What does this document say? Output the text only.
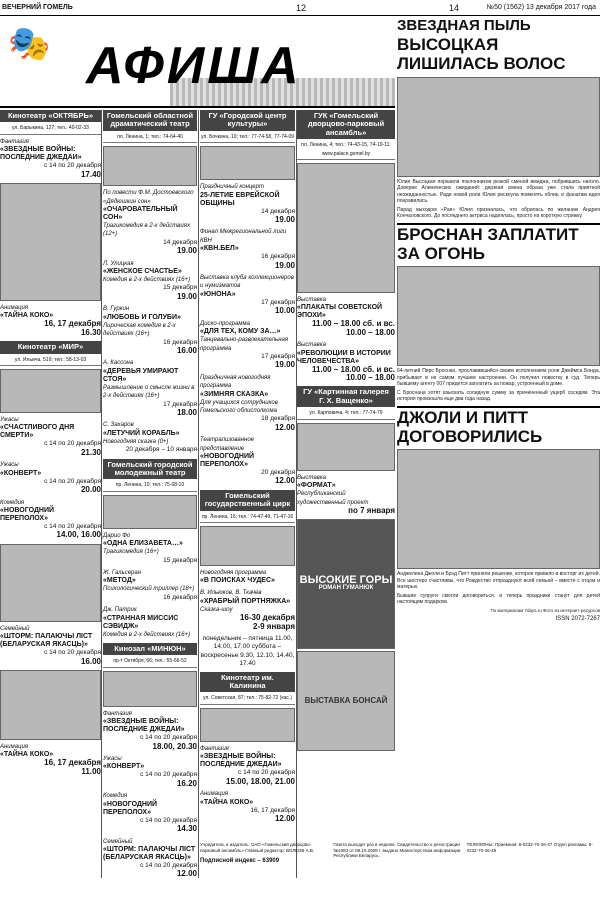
ВЕЧЕРНИЙ ГОМЕЛЬ	12	14	№50 (1562) 13 декабря 2017 года
🎭 АФИША
Кинотеатр «ОКТЯБРЬ»
ул. Барыкина, 127; тел.: 40-02-33
Фантазия
«ЗВЕЗДНЫЕ ВОЙНЫ: ПОСЛЕДНИЕ ДЖЕДАИ»
с 14 по 20 декабря
17.40
Анимация
«ТАЙНА КОКО»
16, 17 декабря
16.30
Кинотеатр «МИР»
ул. Ильича, 51б; тел.: 58-13-03
Ужасы
«СЧАСТЛИВОГО ДНЯ СМЕРТИ»
с 14 по 20 декабря
21.30
Ужасы
«КОНВЕРТ»
с 14 по 20 декабря
20.00
Комедия
«НОВОГОДНИЙ ПЕРЕПОЛОХ»
с 14 по 20 декабря
14.00, 16.00
Семейный
«ШТОРМ: ПАЛАЮЧЫ ЛІСТ (БЕЛАРУСКАЯ ЯКАСЦЬ)»
с 14 по 20 декабря
16.00
Анимация
«ТАЙНА КОКО»
16, 17 декабря
11.00
Гомельский областной драматический театр
пл. Ленина, 1; тел.: 74-64-40
По повести Ф.М. Достоевского «Дядюшкин сон»
«ОЧАРОВАТЕЛЬНЫЙ СОН»
Трагикомедия в 2-х действиях (12+)
14 декабря
19.00
Л. Улицкая
«ЖЕНСКОЕ СЧАСТЬЕ»
Комедия в 2-х действиях (16+)
15 декабря
19.00
В. Гуркин
«ЛЮБОВЬ И ГОЛУБИ»
Лирическая комедия в 2-х действиях (16+)
16 декабря
16.00
А. Кассона
«ДЕРЕВЬЯ УМИРАЮТ СТОЯ»
Размышление о смысле жизни в 2-х действиях (16+)
17 декабря
18.00
С. Захаров
«ЛЕТУЧИЙ КОРАБЛЬ»
Новогодняя сказка (0+)
20 декабря – 10 января
Гомельский городской молодежный театр
пр. Ленина, 10; тел.: 75-08-10
Дарио Фо
«ОДНА ЕЛИЗАВЕТА…»
Трагикомедия (16+)
15 декабря
Ж. Гальсеран
«МЕТОД»
Психологический триллер (18+)
16 декабря
Дж. Патрик
«СТРАННАЯ МИССИС СЭВИДЖ»
Комедия в 2-х действиях (16+)
Кинозал «МИНЮН»
пр-т Октября, 66; тел.: 55-66-52
Фантазия
«ЗВЕЗДНЫЕ ВОЙНЫ: ПОСЛЕДНИЕ ДЖЕДАИ»
с 14 по 20 декабря
18.00, 20.30
Ужасы
«КОНВЕРТ»
с 14 по 20 декабря
16.20
Комедия
«НОВОГОДНИЙ ПЕРЕПОЛОХ»
с 14 по 20 декабря
14.30
Семейный
«ШТОРМ: ПАЛАЮЧЫ ЛІСТ (БЕЛАРУСКАЯ ЯКАСЦЬ)»
с 14 по 20 декабря
12.00
ГУ «Городской центр культуры»
ул. Бочкина, 10; тел.: 77-74-58, 77-74-09
Праздничный концерт
25-ЛЕТИЕ ЕВРЕЙСКОЙ ОБЩИНЫ
14 декабря
19.00
Финал Межрегиональной лиги КВН
«КВН.БЕЛ»
16 декабря
19.00
Выставка клуба коллекционеров и нумизматов
«ЮНОНА»
17 декабря
10.00
Диско-программа
«ДЛЯ ТЕХ, КОМУ ЗА…»
Танцевально-развлекательная программа
17 декабря
19.00
Праздничная новогодняя программа
«ЗИМНЯЯ СКАЗКА»
Для учащихся сотрудников Гомельского облисполкома
18 декабря
12.00
Театрализованное представление
«НОВОГОДНИЙ ПЕРЕПОЛОХ»
20 декабря
12.00
Гомельский государственный цирк
пр. Ленина, 16; тел.: 74-47-49, 71-47-16
Новогодняя программа
«В ПОИСКАХ ЧУДЕС»
В. Ильюков, В. Ткачев
«ХРАБРЫЙ ПОРТНЯЖКА»
Сказка-шоу
16-30 декабря
2-9 января
понедельник – пятница 11.00, 14.00, 17.00 суббота – воскресенье 9.30, 12.10, 14.40, 17.40
Кинотеатр им. Калинина
ул. Советская, 87; тел.: 75-82-72 (кас.)
Фантазия
«ЗВЕЗДНЫЕ ВОЙНЫ: ПОСЛЕДНИЕ ДЖЕДАИ»
с 14 по 20 декабря
15.00, 18.00, 21.00
Анимация
«ТАЙНА КОКО»
16, 17 декабря
12.00
ГУК «Гомельский дворцово-парковый ансамбль»
пл. Ленина, 4; тел.: 74-43-15, 74-19-11; www.palace.gomel.by
Выставка
«ПЛАКАТЫ СОВЕТСКОЙ ЭПОХИ»
11.00 – 18.00 сб. и вс. 10.00 – 18.00
Выставка
«РЕВОЛЮЦИИ В ИСТОРИИ ЧЕЛОВЕЧЕСТВА»
11.00 – 18.00 сб. и вс. 10.00 – 18.00
ГУ «Картинная галерея Г. Х. Ващенко»
ул. Карповича, 4; тел.: 77-74-79
Выставка
«ФОРМАТ»
Республиканский художественный проект
по 7 января
ВЫСОКИЕ ГОРЫ
РОМАН ГУМАНЮК
ВЫСТАВКА БОНСАЙ
ЗВЕЗДНАЯ ПЫЛЬ
ВЫСОЦКАЯ ЛИШИЛАСЬ ВОЛОС
Юлия Высоцкая поразила поклонников резкой сменой имиджа, побрившись наголо. Доверие Алинеческих ожиданий: дерзкая смена образа уже стала приятной неожиданностью. Ради новой роли Юлия рискнула поменять облик, и фанатам идея понравилась.
Парад выходом «Рая» Юлия призналась, что обрилась по желанию Андрея Кончаловского. До последнего актриса надеялась, просто на короткую стрижку.
БРОСНАН ЗАПЛАТИТ ЗА ОГОНЬ
64-летний Пирс Броснан, прославившийся своим исполнением роли Джеймса Бонда, прибывает в не самом лучшем настроении. Он получил повестку в суд. Теперь бывшему агенту 007 придется заплатить за пожар, устроенный в доме.
С Броснана хотят взыскать солидную сумму за причиненный ущерб соседям. Эта история произошла еще два года назад.
ДЖОЛИ И ПИТТ ДОГОВОРИЛИСЬ
Анджелина Джоли и Брэд Питт приняли решение, которое привело в восторг их детей. Все шестеро счастливы, что Рождество отпразднуют всей семьей – вместе с отцом и матерью.
Бывшие супруги смогли договориться, и теперь праздники станут для детей настоящим подарком.
По материалам 7days.ru Фото из интернет-ресурсов
ISSN 2072-7267
Учредитель и издатель: ОАО «Гомельский дворцово-парковый ансамбль» Главный редактор: ВОЛКОВ А.В.
Газета выходит раз в неделю. Свидетельство о регистрации №1083 от 09.10.2009 г. выдано Министерством информации Республики Беларусь.
ТЕЛЕФОНЫ: Приемная: 8-0232-70-26-47 Отдел рекламы: 8-0232-70-26-48
Подписной индекс – 63909
